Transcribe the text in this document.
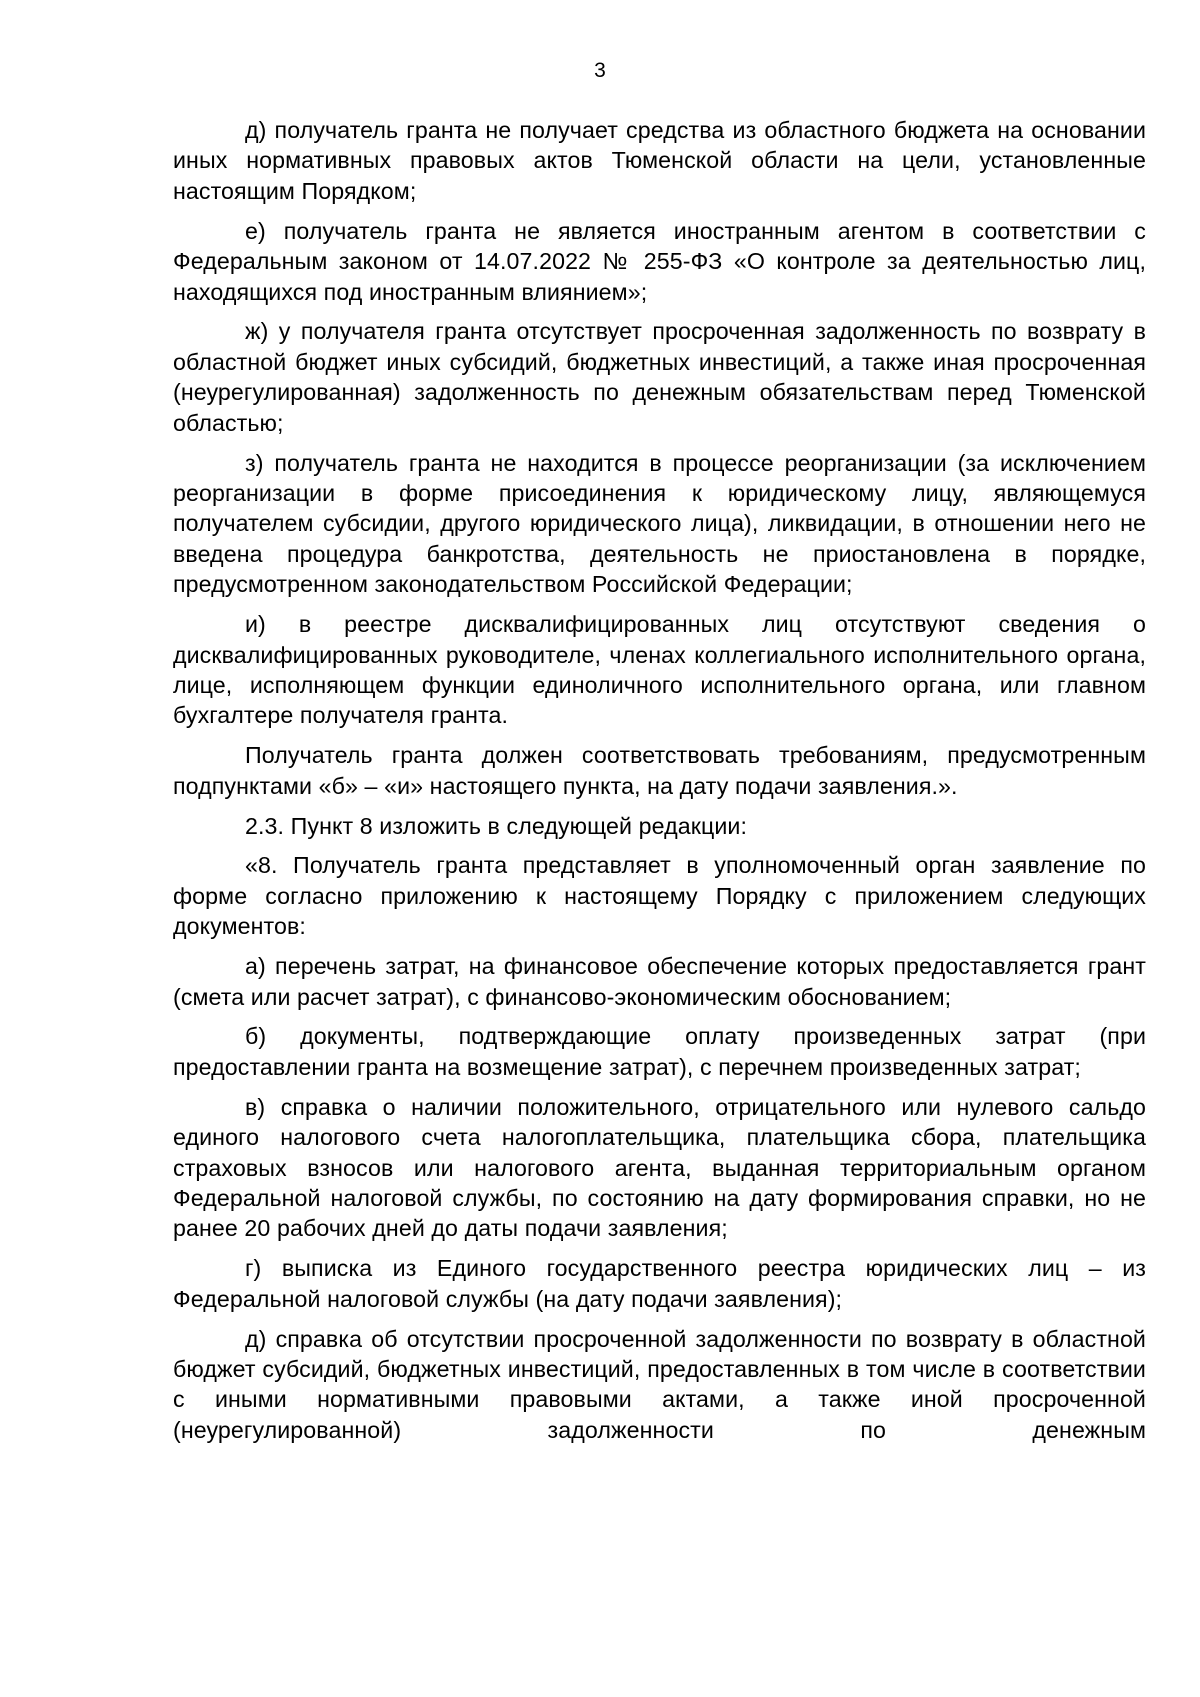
3

д) получатель гранта не получает средства из областного бюджета на основании иных нормативных правовых актов Тюменской области на цели, установленные настоящим Порядком;

е) получатель гранта не является иностранным агентом в соответствии с Федеральным законом от 14.07.2022 № 255-ФЗ «О контроле за деятельностью лиц, находящихся под иностранным влиянием»;

ж) у получателя гранта отсутствует просроченная задолженность по возврату в областной бюджет иных субсидий, бюджетных инвестиций, а также иная просроченная (неурегулированная) задолженность по денежным обязательствам перед Тюменской областью;

з) получатель гранта не находится в процессе реорганизации (за исключением реорганизации в форме присоединения к юридическому лицу, являющемуся получателем субсидии, другого юридического лица), ликвидации, в отношении него не введена процедура банкротства, деятельность не приостановлена в порядке, предусмотренном законодательством Российской Федерации;

и) в реестре дисквалифицированных лиц отсутствуют сведения о дисквалифицированных руководителе, членах коллегиального исполнительного органа, лице, исполняющем функции единоличного исполнительного органа, или главном бухгалтере получателя гранта.

Получатель гранта должен соответствовать требованиям, предусмотренным подпунктами «б» – «и» настоящего пункта, на дату подачи заявления.».

2.3. Пункт 8 изложить в следующей редакции:

«8. Получатель гранта представляет в уполномоченный орган заявление по форме согласно приложению к настоящему Порядку с приложением следующих документов:

а) перечень затрат, на финансовое обеспечение которых предоставляется грант (смета или расчет затрат), с финансово-экономическим обоснованием;

б) документы, подтверждающие оплату произведенных затрат (при предоставлении гранта на возмещение затрат), с перечнем произведенных затрат;

в) справка о наличии положительного, отрицательного или нулевого сальдо единого налогового счета налогоплательщика, плательщика сбора, плательщика страховых взносов или налогового агента, выданная территориальным органом Федеральной налоговой службы, по состоянию на дату формирования справки, но не ранее 20 рабочих дней до даты подачи заявления;

г) выписка из Единого государственного реестра юридических лиц – из Федеральной налоговой службы (на дату подачи заявления);

д) справка об отсутствии просроченной задолженности по возврату в областной бюджет субсидий, бюджетных инвестиций, предоставленных в том числе в соответствии с иными нормативными правовыми актами, а также иной просроченной (неурегулированной) задолженности по денежным
